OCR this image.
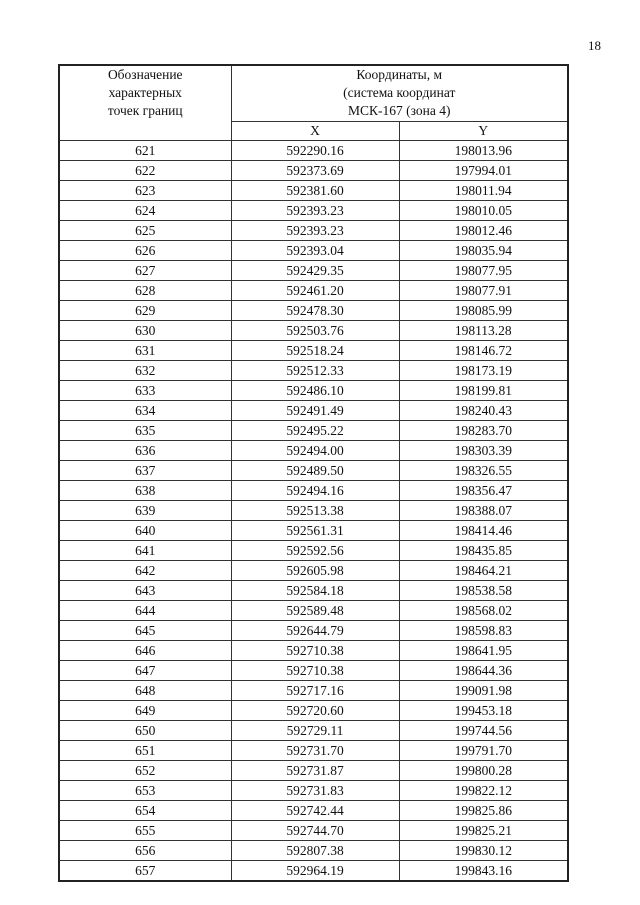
18
Обозначение
характерных
точек границ	Координаты, м
(система координат
МСК-167 (зона 4)	

	X	Y
621	592290.16	198013.96
622	592373.69	197994.01
623	592381.60	198011.94
624	592393.23	198010.05
625	592393.23	198012.46
626	592393.04	198035.94
627	592429.35	198077.95
628	592461.20	198077.91
629	592478.30	198085.99
630	592503.76	198113.28
631	592518.24	198146.72
632	592512.33	198173.19
633	592486.10	198199.81
634	592491.49	198240.43
635	592495.22	198283.70
636	592494.00	198303.39
637	592489.50	198326.55
638	592494.16	198356.47
639	592513.38	198388.07
640	592561.31	198414.46
641	592592.56	198435.85
642	592605.98	198464.21
643	592584.18	198538.58
644	592589.48	198568.02
645	592644.79	198598.83
646	592710.38	198641.95
647	592710.38	198644.36
648	592717.16	199091.98
649	592720.60	199453.18
650	592729.11	199744.56
651	592731.70	199791.70
652	592731.87	199800.28
653	592731.83	199822.12
654	592742.44	199825.86
655	592744.70	199825.21
656	592807.38	199830.12
657	592964.19	199843.16
